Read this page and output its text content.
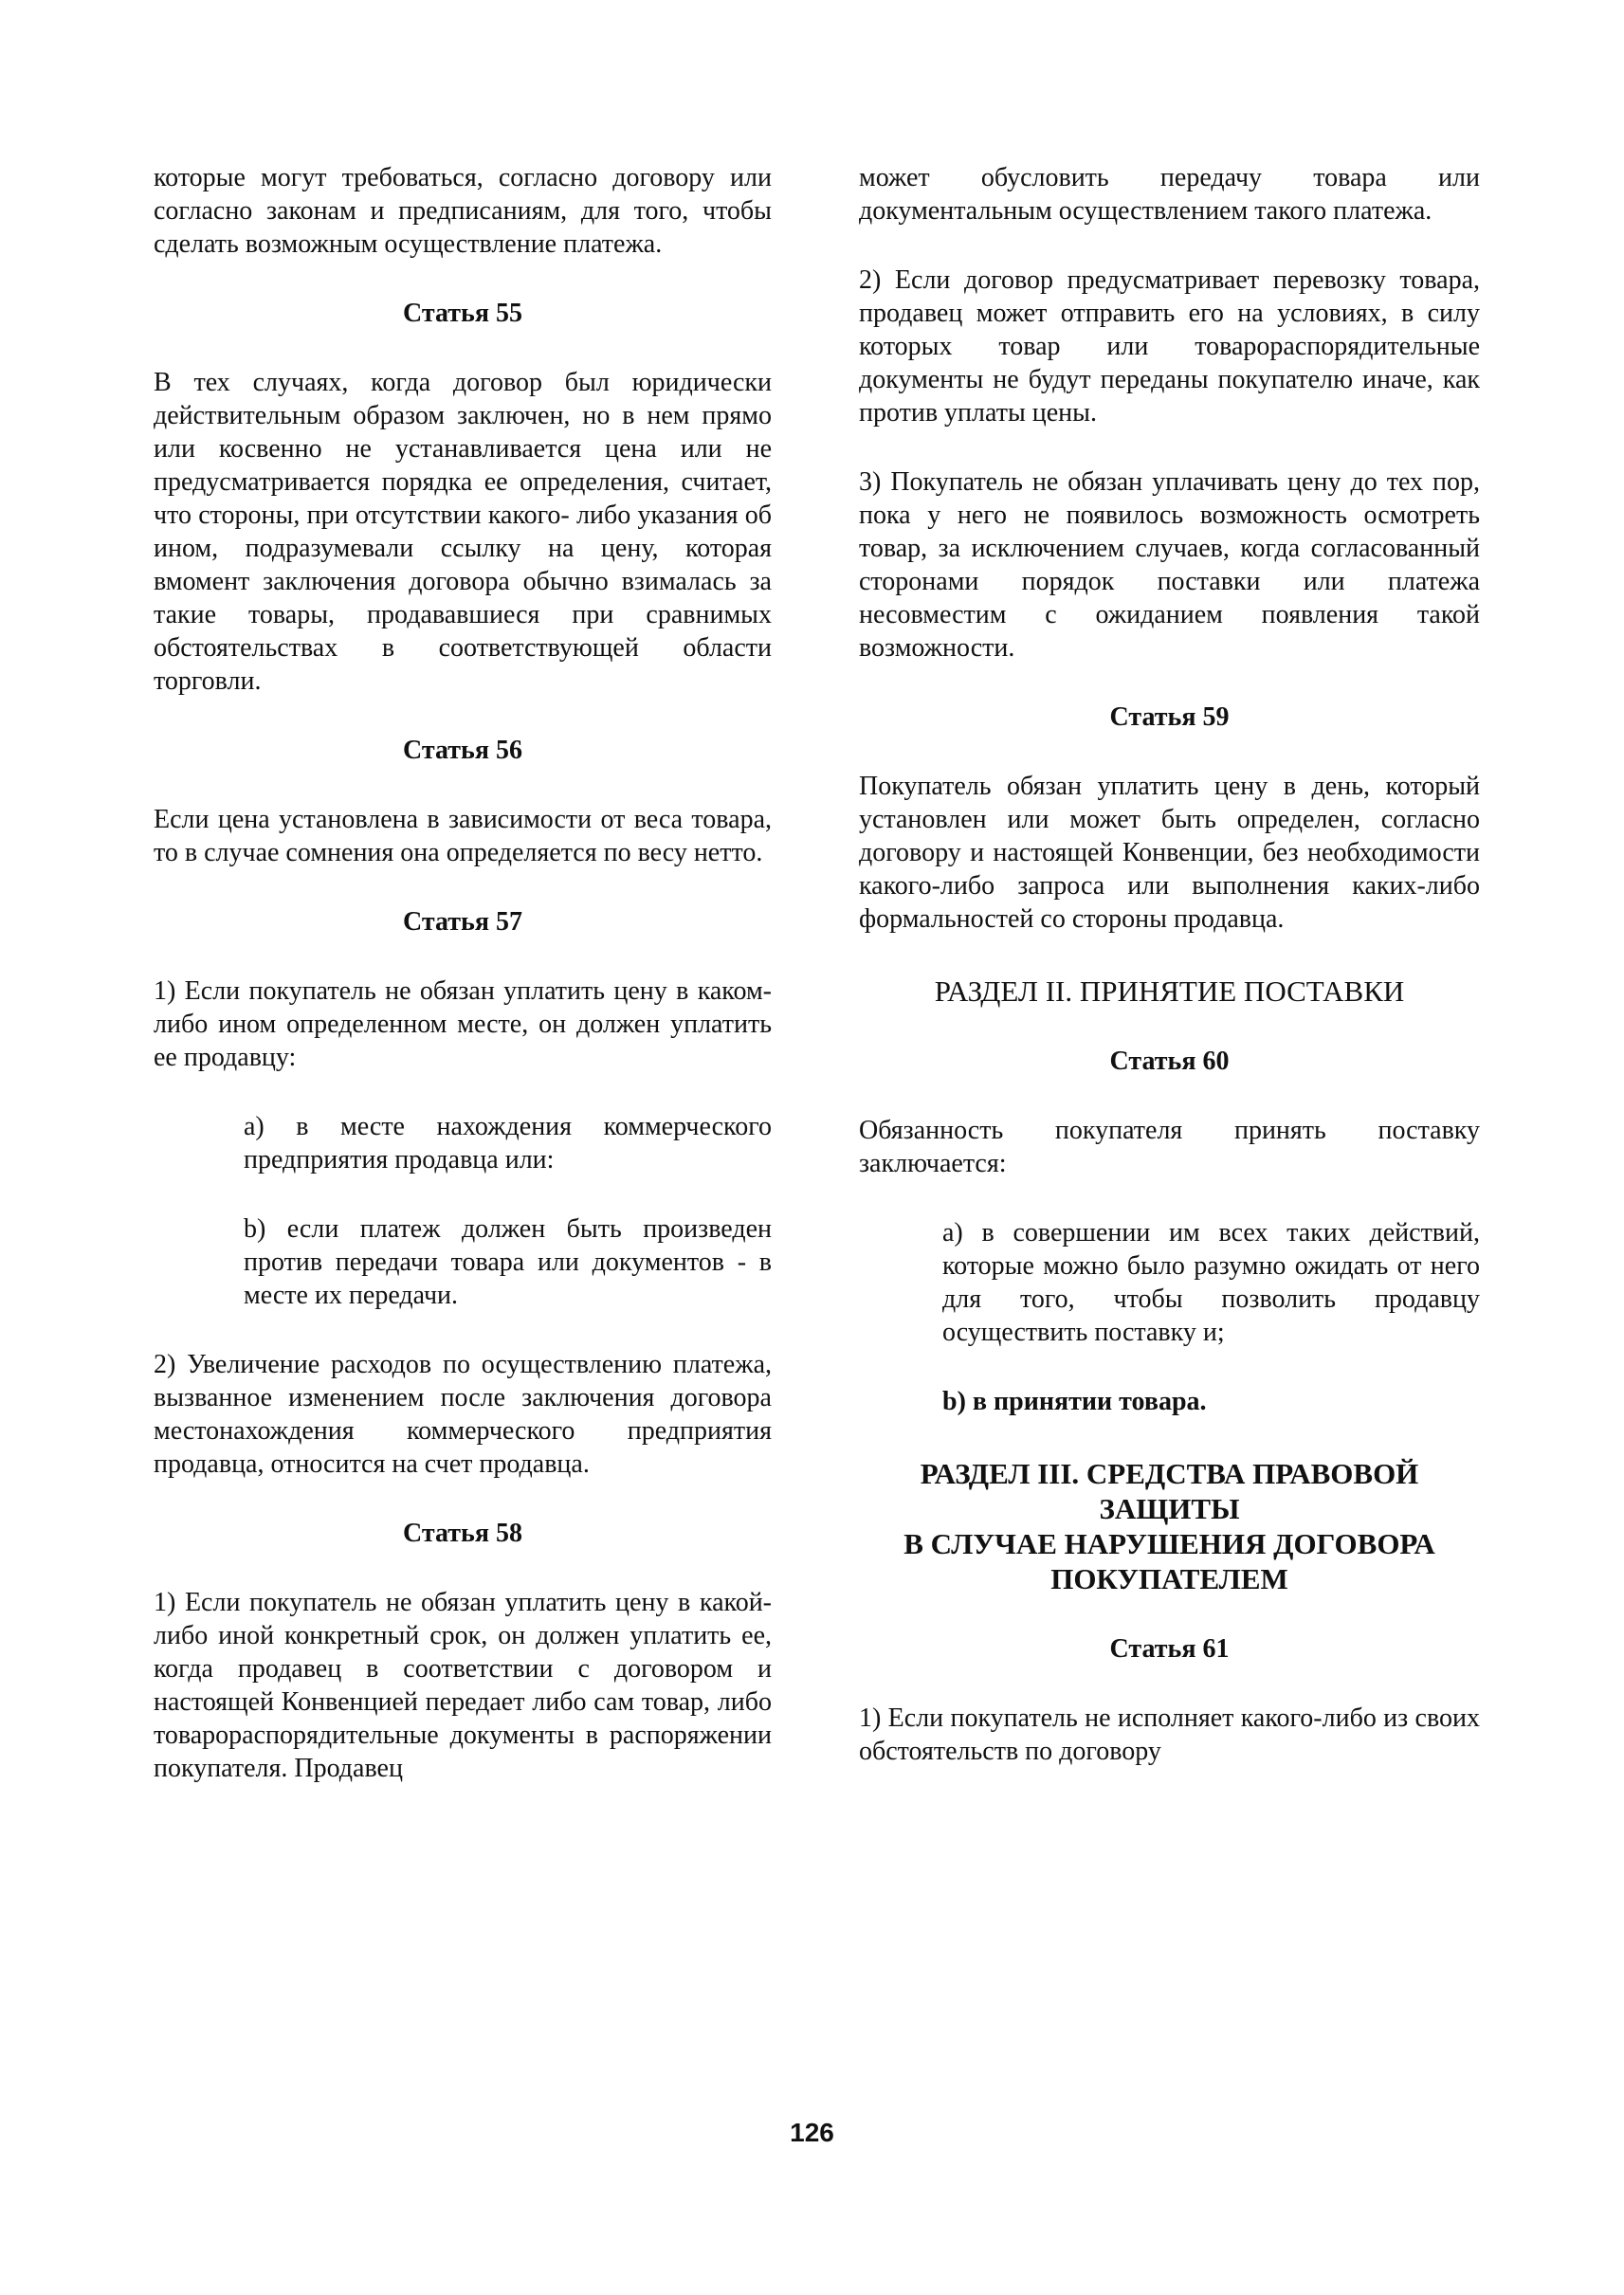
которые могут требоваться, согласно договору или согласно законам и предписаниям, для того, чтобы сделать возможным осуществление платежа.

Статья 55

В тех случаях, когда договор был юридически действительным образом заключен, но в нем прямо или косвенно не устанавливается цена или не предусматривается порядка ее определения, считает, что стороны, при отсутствии какого- либо указания об ином, подразумевали ссылку на цену, которая вмомент заключения договора обычно взималась за такие товары, продававшиеся при сравнимых обстоятельствах в соответствующей области торговли.

Статья 56

Если цена установлена в зависимости от веса товара, то в случае сомнения она определяется по весу нетто.

Статья 57

1) Если покупатель не обязан уплатить цену в каком-либо ином определенном месте, он должен уплатить ее продавцу:

a) в месте нахождения коммерческого предприятия продавца или:

b) если платеж должен быть произведен против передачи товара или документов - в месте их передачи.

2) Увеличение расходов по осуществлению платежа, вызванное изменением после заключения договора местонахождения коммерческого предприятия продавца, относится на счет продавца.

Статья 58

1) Если покупатель не обязан уплатить цену в какой-либо иной конкретный срок, он должен уплатить ее, когда продавец в соответствии с договором и настоящей Конвенцией передает либо сам товар, либо товарораспорядительные документы в распоряжении покупателя. Продавец

может обусловить передачу товара или документальным осуществлением такого платежа.

2) Если договор предусматривает перевозку товара, продавец может отправить его на условиях, в силу которых товар или товарораспорядительные документы не будут переданы покупателю иначе, как против уплаты цены.

3) Покупатель не обязан уплачивать цену до тех пор, пока у него не появилось возможность осмотреть товар, за исключением случаев, когда согласованный сторонами порядок поставки или платежа несовместим с ожиданием появления такой возможности.

Статья 59

Покупатель обязан уплатить цену в день, который установлен или может быть определен, согласно договору и настоящей Конвенции, без необходимости какого-либо запроса или выполнения каких-либо формальностей со стороны продавца.

РАЗДЕЛ II. ПРИНЯТИЕ ПОСТАВКИ

Статья 60

Обязанность покупателя принять поставку заключается:

a) в совершении им всех таких действий, которые можно было разумно ожидать от него для того, чтобы позволить продавцу осуществить поставку и;

b) в принятии товара.

РАЗДЕЛ III. СРЕДСТВА ПРАВОВОЙ ЗАЩИТЫ
В СЛУЧАЕ НАРУШЕНИЯ ДОГОВОРА ПОКУПАТЕЛЕМ

Статья 61

1) Если покупатель не исполняет какого-либо из своих обстоятельств по договору

126
